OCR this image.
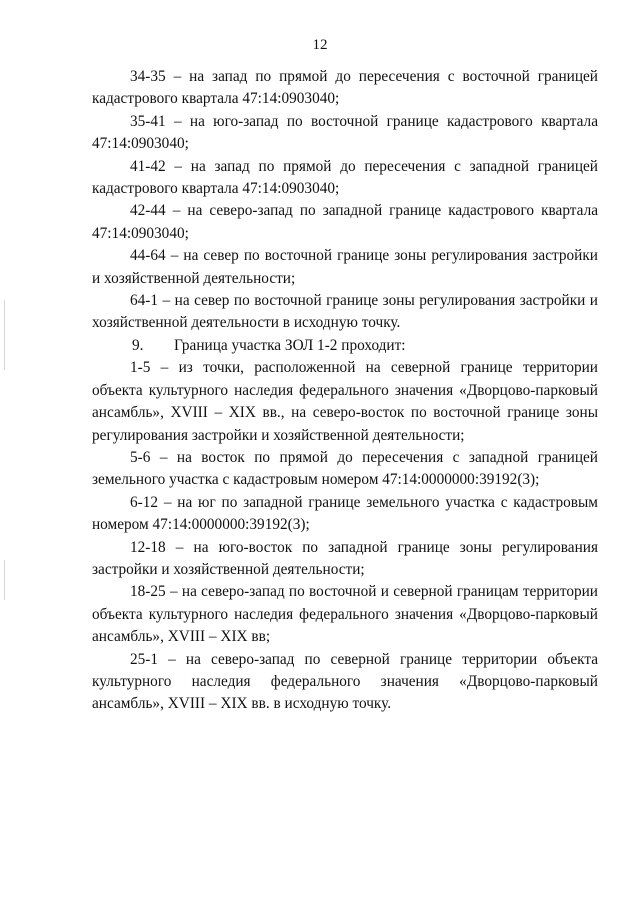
12

34-35 – на запад по прямой до пересечения с восточной границей кадастрового квартала 47:14:0903040;

35-41 – на юго-запад по восточной границе кадастрового квартала 47:14:0903040;

41-42 – на запад по прямой до пересечения с западной границей кадастрового квартала 47:14:0903040;

42-44 – на северо-запад по западной границе кадастрового квартала 47:14:0903040;

44-64 – на север по восточной границе зоны регулирования застройки и хозяйственной деятельности;

64-1 – на север по восточной границе зоны регулирования застройки и хозяйственной деятельности в исходную точку.

9. Граница участка ЗОЛ 1-2 проходит:

1-5 – из точки, расположенной на северной границе территории объекта культурного наследия федерального значения «Дворцово-парковый ансамбль», XVIII – XIX вв., на северо-восток по восточной границе зоны регулирования застройки и хозяйственной деятельности;

5-6 – на восток по прямой до пересечения с западной границей земельного участка с кадастровым номером 47:14:0000000:39192(3);

6-12 – на юг по западной границе земельного участка с кадастровым номером 47:14:0000000:39192(3);

12-18 – на юго-восток по западной границе зоны регулирования застройки и хозяйственной деятельности;

18-25 – на северо-запад по восточной и северной границам территории объекта культурного наследия федерального значения «Дворцово-парковый ансамбль», XVIII – XIX вв;

25-1 – на северо-запад по северной границе территории объекта культурного наследия федерального значения «Дворцово-парковый ансамбль», XVIII – XIX вв. в исходную точку.
